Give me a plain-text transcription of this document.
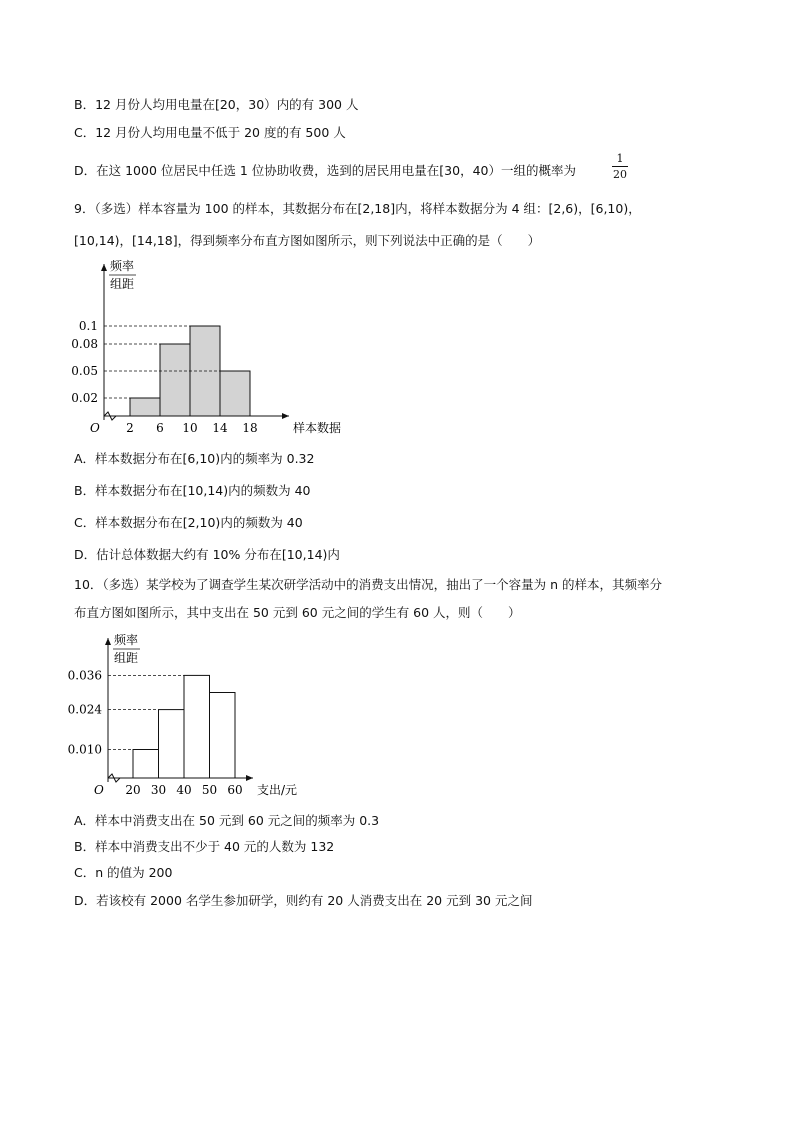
B．12 月份人均用电量在[20，30）内的有 300 人
C．12 月份人均用电量不低于 20 度的有 500 人
D．在这 1000 位居民中任选 1 位协助收费，选到的居民用电量在[30，40）一组的概率为
1
20
9．（多选）样本容量为 100 的样本，其数据分布在[2,18]内，将样本数据分为 4 组：[2,6)，[6,10)，
[10,14)，[14,18]，得到频率分布直方图如图所示，则下列说法中正确的是（　　）
0.02
0.05
0.08
0.1
2 6 10 14 18
O
频率
组距
样本数据
A．样本数据分布在[6,10)内的频率为 0.32
B．样本数据分布在[10,14)内的频数为 40
C．样本数据分布在[2,10)内的频数为 40
D．估计总体数据大约有 10% 分布在[10,14)内
10．（多选）某学校为了调查学生某次研学活动中的消费支出情况，抽出了一个容量为 n 的样本，其频率分
布直方图如图所示，其中支出在 50 元到 60 元之间的学生有 60 人，则（　　）
0.010
0.024
0.036
20 30 40 50 60
O
频率
组距
支出/元
A．样本中消费支出在 50 元到 60 元之间的频率为 0.3
B．样本中消费支出不少于 40 元的人数为 132
C．n 的值为 200
D．若该校有 2000 名学生参加研学，则约有 20 人消费支出在 20 元到 30 元之间
